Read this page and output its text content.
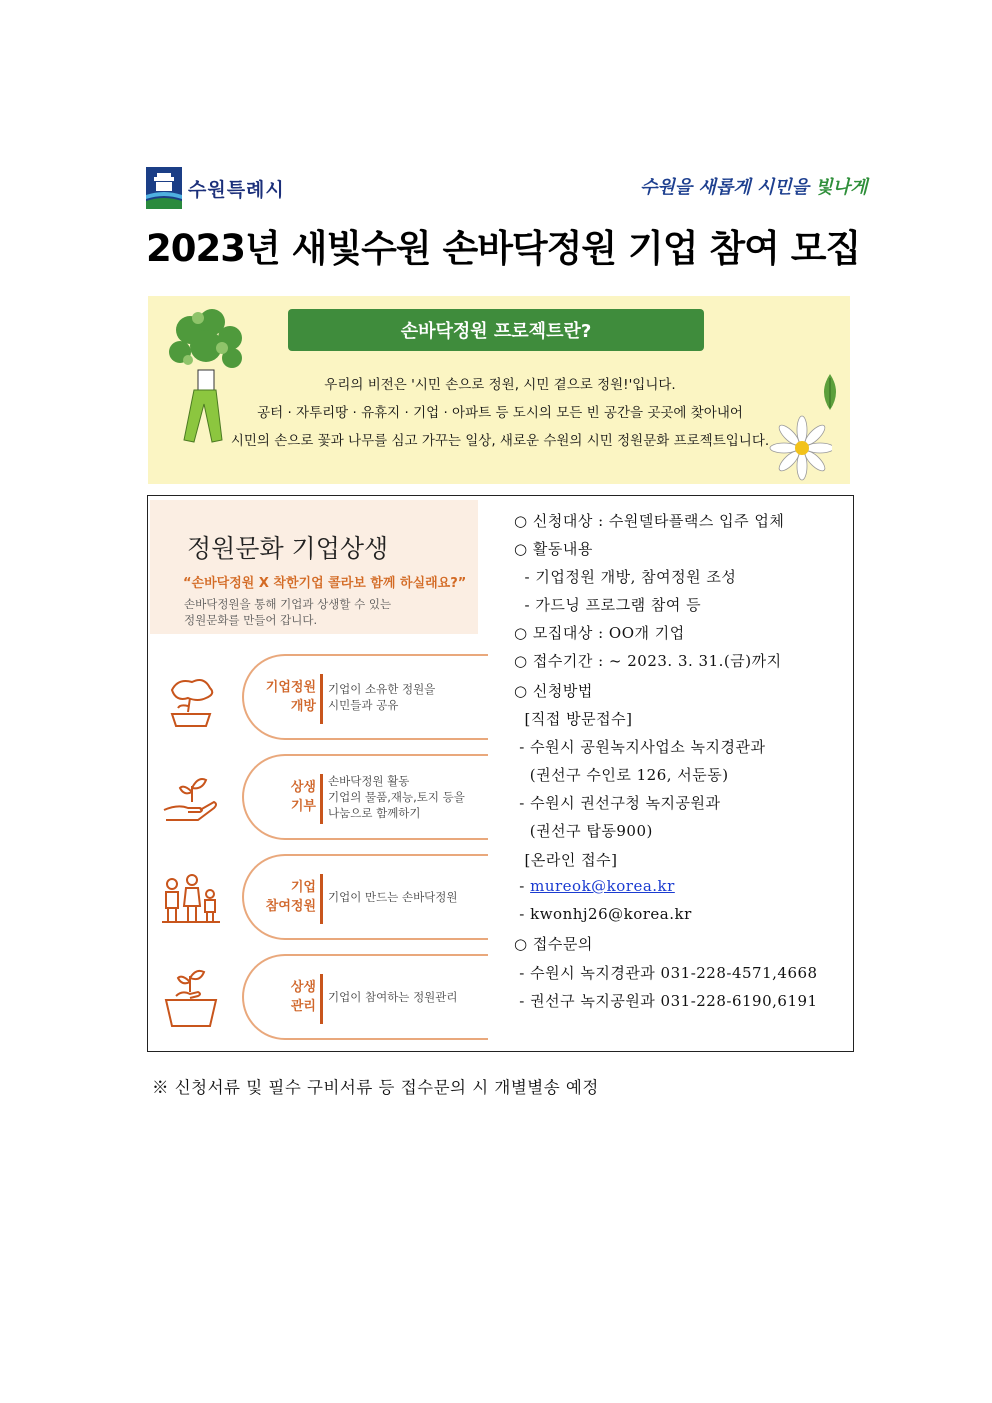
수원특례시	수원을 새롭게 시민을 빛나게
2023년 새빛수원 손바닥정원 기업 참여 모집
손바닥정원 프로젝트란?
우리의 비전은 '시민 손으로 정원, 시민 곁으로 정원!'입니다.
공터 · 자투리땅 · 유휴지 · 기업 · 아파트 등 도시의 모든 빈 공간을 곳곳에 찾아내어
시민의 손으로 꽃과 나무를 심고 가꾸는 일상, 새로운 수원의 시민 정원문화 프로젝트입니다.
정원문화 기업상생
“손바닥정원 X 착한기업 콜라보 함께 하실래요?”
손바닥정원을 통해 기업과 상생할 수 있는
정원문화를 만들어 갑니다.
기업정원
개방
기업이 소유한 정원을
시민들과 공유
상생
기부
손바닥정원 활동
기업의 물품,재능,토지 등을
나눔으로 함께하기
기업
참여정원
기업이 만드는 손바닥정원
상생
관리
기업이 참여하는 정원관리
○ 신청대상 : 수원델타플랙스 입주 업체
○ 활동내용
- 기업정원 개방, 참여정원 조성
- 가드닝 프로그램 참여 등
○ 모집대상 : OO개 기업
○ 접수기간 : ~ 2023. 3. 31.(금)까지
○ 신청방법
[직접 방문접수]
- 수원시 공원녹지사업소 녹지경관과
(권선구 수인로 126, 서둔동)
- 수원시 권선구청 녹지공원과
(권선구 탑동900)
[온라인 접수]
- mureok@korea.kr
- kwonhj26@korea.kr
○ 접수문의
- 수원시 녹지경관과 031-228-4571,4668
- 권선구 녹지공원과 031-228-6190,6191
※ 신청서류 및 필수 구비서류 등 접수문의 시 개별별송 예정
